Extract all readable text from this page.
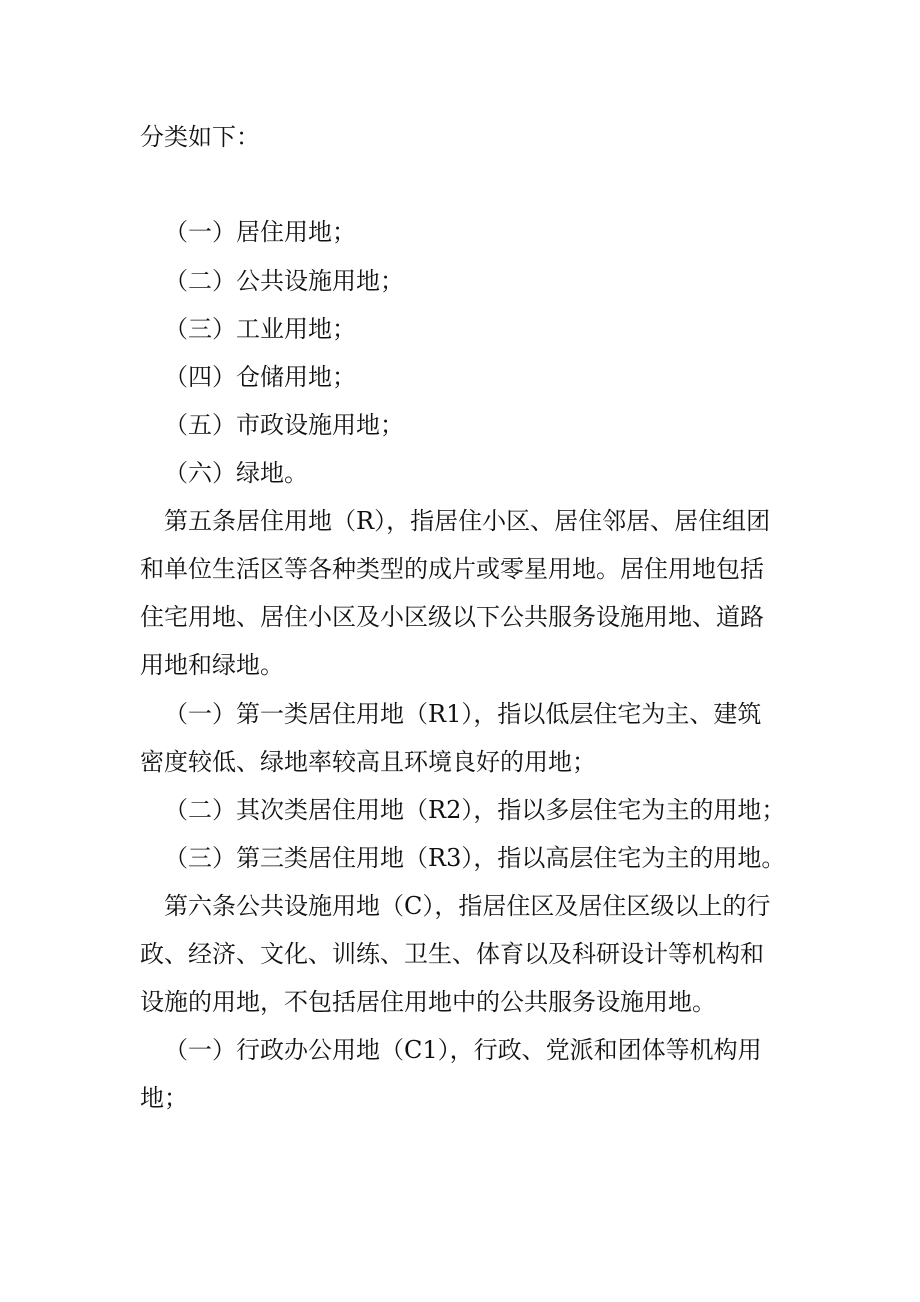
分类如下：
（一）居住用地；
（二）公共设施用地；
（三）工业用地；
（四）仓储用地；
（五）市政设施用地；
（六）绿地。
第五条居住用地（R），指居住小区、居住邻居、居住组团
和单位生活区等各种类型的成片或零星用地。居住用地包括
住宅用地、居住小区及小区级以下公共服务设施用地、道路
用地和绿地。
（一）第一类居住用地（R1），指以低层住宅为主、建筑
密度较低、绿地率较高且环境良好的用地；
（二）其次类居住用地（R2），指以多层住宅为主的用地；
（三）第三类居住用地（R3），指以高层住宅为主的用地。
第六条公共设施用地（C），指居住区及居住区级以上的行
政、经济、文化、训练、卫生、体育以及科研设计等机构和
设施的用地，不包括居住用地中的公共服务设施用地。
（一）行政办公用地（C1），行政、党派和团体等机构用
地；
